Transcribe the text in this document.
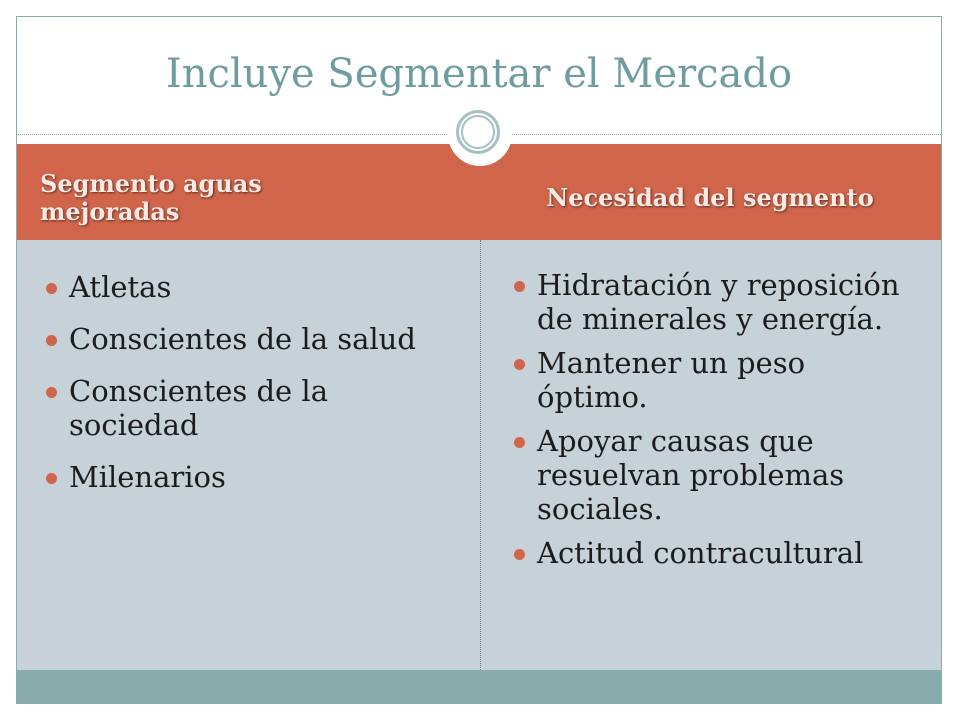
Incluye Segmentar el Mercado
Segmento aguas mejoradas	Necesidad del segmento
Atletas
Conscientes de la salud
Conscientes de la sociedad
Milenarios
Hidratación y reposición de minerales y energía.
Mantener un peso óptimo.
Apoyar causas que resuelvan problemas sociales.
Actitud contracultural
